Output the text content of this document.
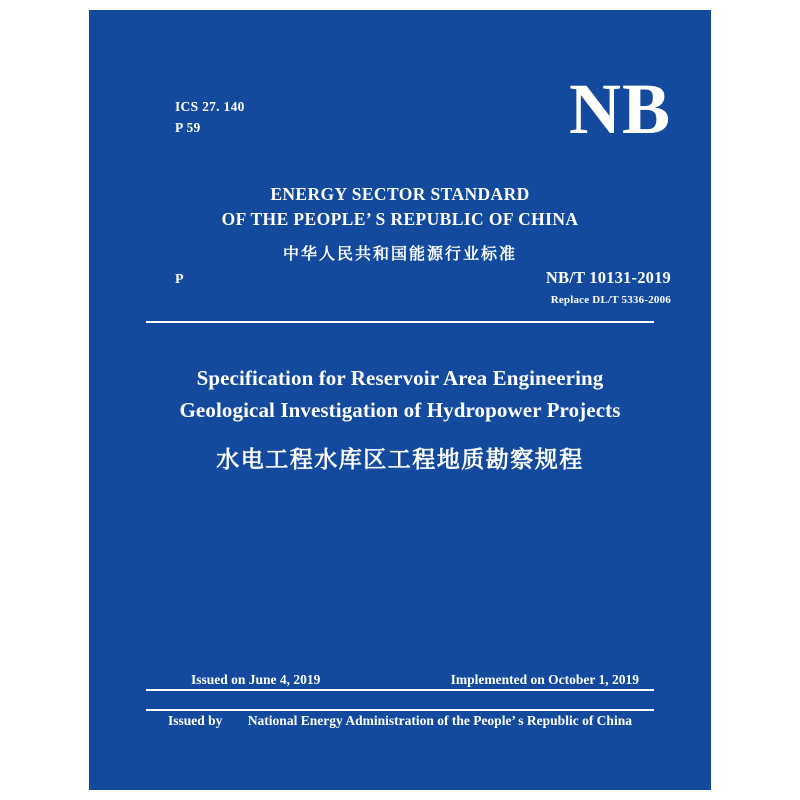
ICS 27. 140
P 59	NB
ENERGY SECTOR STANDARD
OF THE PEOPLE’ S REPUBLIC OF CHINA
中华人民共和国能源行业标准
P	NB/T 10131-2019
Replace DL/T 5336-2006
Specification for Reservoir Area Engineering
Geological Investigation of Hydropower Projects
水电工程水库区工程地质勘察规程
Issued on June 4, 2019	Implemented on October 1, 2019
Issued by National Energy Administration of the People’ s Republic of China
